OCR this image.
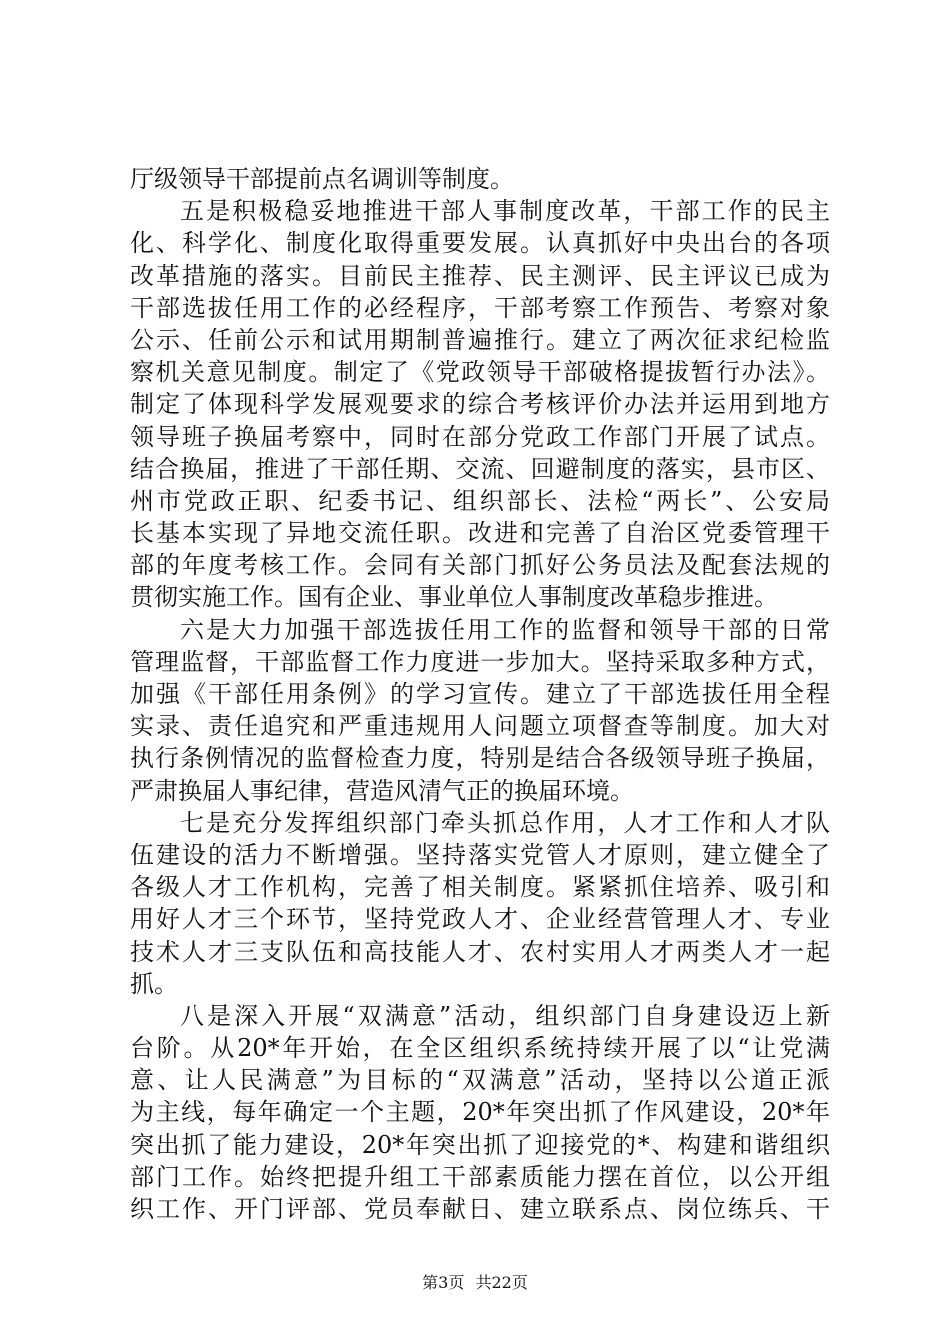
厅级领导干部提前点名调训等制度。
五是积极稳妥地推进干部人事制度改革，干部工作的民主
化、科学化、制度化取得重要发展。认真抓好中央出台的各项
改革措施的落实。目前民主推荐、民主测评、民主评议已成为
干部选拔任用工作的必经程序，干部考察工作预告、考察对象
公示、任前公示和试用期制普遍推行。建立了两次征求纪检监
察机关意见制度。制定了《党政领导干部破格提拔暂行办法》。
制定了体现科学发展观要求的综合考核评价办法并运用到地方
领导班子换届考察中，同时在部分党政工作部门开展了试点。
结合换届，推进了干部任期、交流、回避制度的落实，县市区、
州市党政正职、纪委书记、组织部长、法检“两长”、公安局
长基本实现了异地交流任职。改进和完善了自治区党委管理干
部的年度考核工作。会同有关部门抓好公务员法及配套法规的
贯彻实施工作。国有企业、事业单位人事制度改革稳步推进。
六是大力加强干部选拔任用工作的监督和领导干部的日常
管理监督，干部监督工作力度进一步加大。坚持采取多种方式，
加强《干部任用条例》的学习宣传。建立了干部选拔任用全程
实录、责任追究和严重违规用人问题立项督查等制度。加大对
执行条例情况的监督检查力度，特别是结合各级领导班子换届，
严肃换届人事纪律，营造风清气正的换届环境。
七是充分发挥组织部门牵头抓总作用，人才工作和人才队
伍建设的活力不断增强。坚持落实党管人才原则，建立健全了
各级人才工作机构，完善了相关制度。紧紧抓住培养、吸引和
用好人才三个环节，坚持党政人才、企业经营管理人才、专业
技术人才三支队伍和高技能人才、农村实用人才两类人才一起
抓。
八是深入开展“双满意”活动，组织部门自身建设迈上新
台阶。从20*年开始，在全区组织系统持续开展了以“让党满
意、让人民满意”为目标的“双满意”活动，坚持以公道正派
为主线，每年确定一个主题，20*年突出抓了作风建设，20*年
突出抓了能力建设，20*年突出抓了迎接党的*、构建和谐组织
部门工作。始终把提升组工干部素质能力摆在首位，以公开组
织工作、开门评部、党员奉献日、建立联系点、岗位练兵、干
第3页 共22页
